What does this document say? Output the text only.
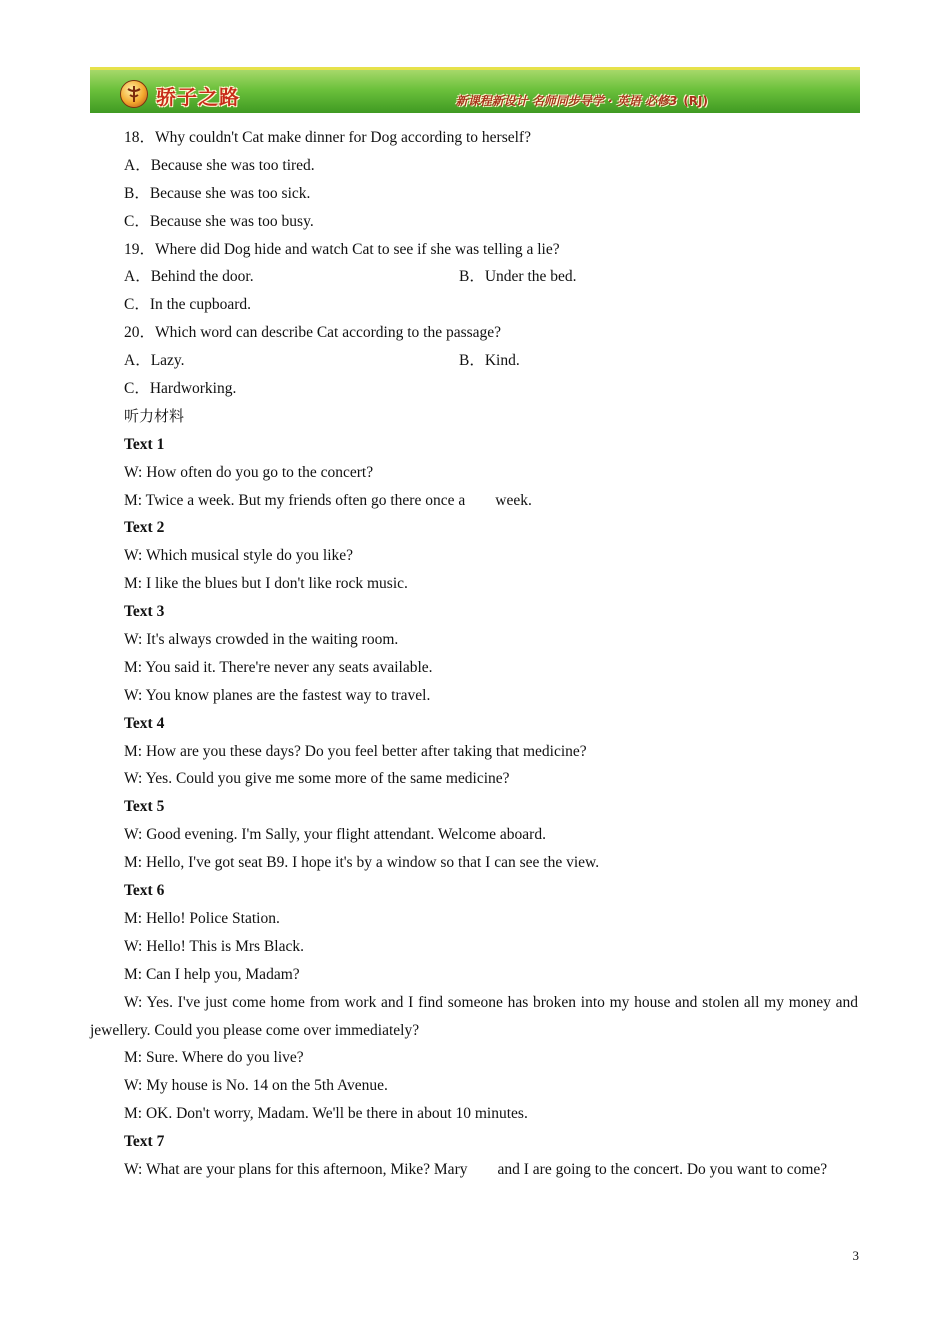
骄子之路	新课程新设计 名师同步导学 · 英语 必修3 (RJ)
18．Why couldn't Cat make dinner for Dog according to herself?
A．Because she was too tired.
B．Because she was too sick.
C．Because she was too busy.
19．Where did Dog hide and watch Cat to see if she was telling a lie?
A．Behind the door.	B．Under the bed.
C．In the cupboard.
20．Which word can describe Cat according to the passage?
A．Lazy.	B．Kind.
C．Hardworking.
听力材料
Text 1
W: How often do you go to the concert?
M: Twice a week. But my friends often go there once a week.
Text 2
W: Which musical style do you like?
M: I like the blues but I don't like rock music.
Text 3
W: It's always crowded in the waiting room.
M: You said it. There're never any seats available.
W: You know planes are the fastest way to travel.
Text 4
M: How are you these days? Do you feel better after taking that medicine?
W: Yes. Could you give me some more of the same medicine?
Text 5
W: Good evening. I'm Sally, your flight attendant. Welcome aboard.
M: Hello, I've got seat B9. I hope it's by a window so that I can see the view.
Text 6
M: Hello! Police Station.
W: Hello! This is Mrs Black.
M: Can I help you, Madam?
W: Yes. I've just come home from work and I find someone has broken into my house and stolen all my money and jewellery. Could you please come over immediately?
M: Sure. Where do you live?
W: My house is No. 14 on the 5th Avenue.
M: OK. Don't worry, Madam. We'll be there in about 10 minutes.
Text 7
W: What are your plans for this afternoon, Mike? Mary and I are going to the concert. Do you want to come?
3
